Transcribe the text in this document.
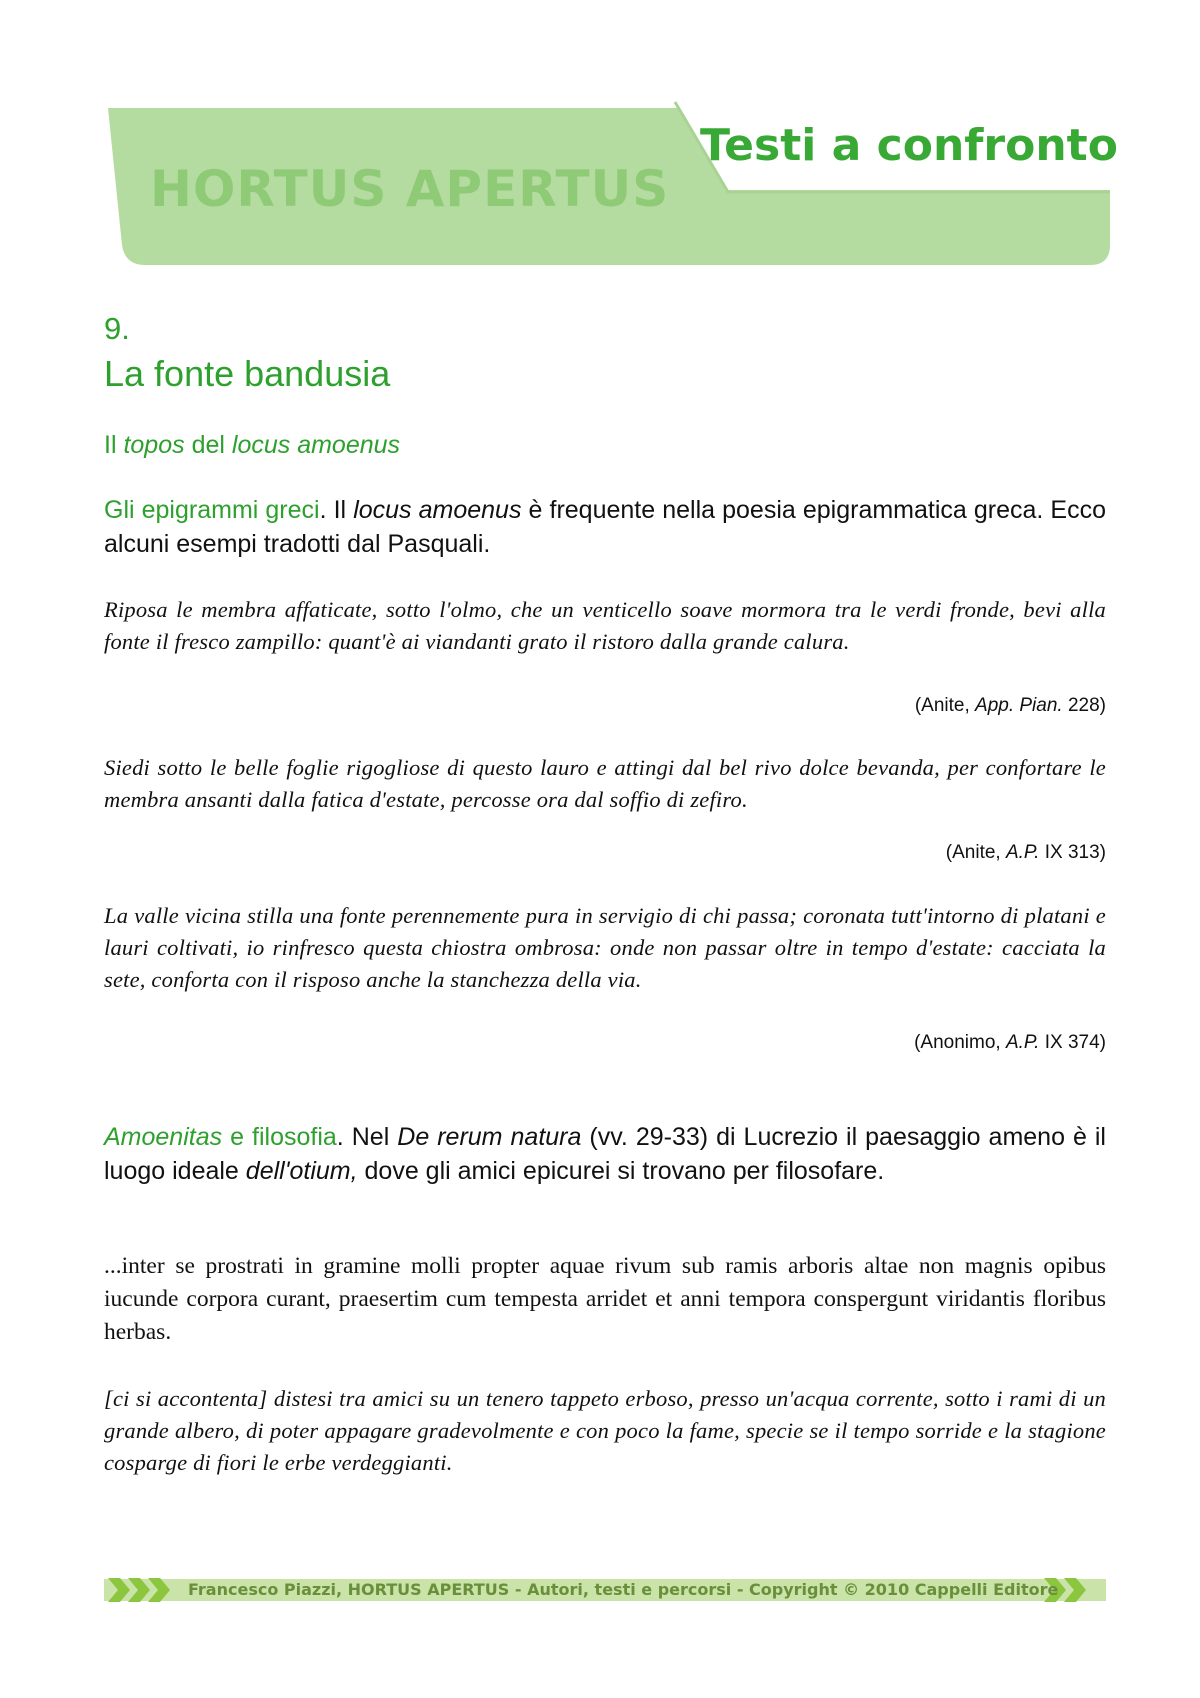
HORTUS APERTUS
Testi a confronto
9.
La fonte bandusia
Il topos del locus amoenus

Gli epigrammi greci. Il locus amoenus è frequente nella poesia epigrammatica greca. Ecco alcuni esempi tradotti dal Pasquali.

Riposa le membra affaticate, sotto l'olmo, che un venticello soave mormora tra le verdi fronde, bevi alla fonte il fresco zampillo: quant'è ai viandanti grato il ristoro dalla grande calura.

(Anite, App. Pian. 228)

Siedi sotto le belle foglie rigogliose di questo lauro e attingi dal bel rivo dolce bevanda, per confortare le membra ansanti dalla fatica d'estate, percosse ora dal soffio di zefiro.

(Anite, A.P. IX 313)

La valle vicina stilla una fonte perennemente pura in servigio di chi passa; coronata tutt'intorno di platani e lauri coltivati, io rinfresco questa chiostra ombrosa: onde non passar oltre in tempo d'estate: cacciata la sete, conforta con il risposo anche la stanchezza della via.

(Anonimo, A.P. IX 374)

Amoenitas e filosofia. Nel De rerum natura (vv. 29-33) di Lucrezio il paesaggio ameno è il luogo ideale dell'otium, dove gli amici epicurei si trovano per filosofare.

...inter se prostrati in gramine molli propter aquae rivum sub ramis arboris altae non magnis opibus iucunde corpora curant, praesertim cum tempesta arridet et anni tempora conspergunt viridantis floribus herbas.

[ci si accontenta] distesi tra amici su un tenero tappeto erboso, presso un'acqua corrente, sotto i rami di un grande albero, di poter appagare gradevolmente e con poco la fame, specie se il tempo sorride e la stagione cosparge di fiori le erbe verdeggianti.

Francesco Piazzi, HORTUS APERTUS - Autori, testi e percorsi - Copyright © 2010 Cappelli Editore
